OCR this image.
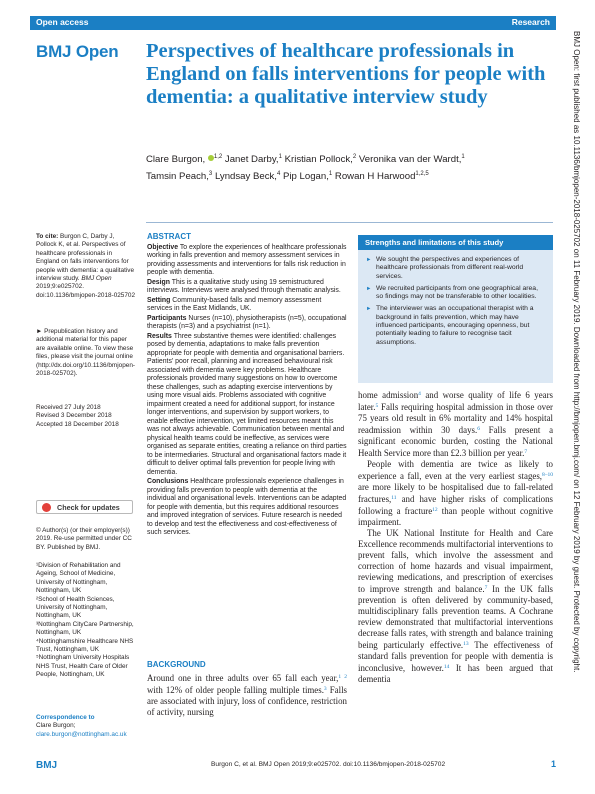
Open access	Research
BMJ Open Perspectives of healthcare professionals in England on falls interventions for people with dementia: a qualitative interview study
Clare Burgon, $^{1,2}$ Janet Darby,$^1$ Kristian Pollock,$^2$ Veronika van der Wardt,$^1$
Tamsin Peach,$^3$ Lyndsay Beck,$^4$ Pip Logan,$^1$ Rowan H Harwood$^{1,2,5}$
To cite: Burgon C, Darby J, Pollock K, et al. Perspectives of healthcare professionals in England on falls interventions for people with dementia: a qualitative interview study. BMJ Open 2019;9:e025702. doi:10.1136/bmjopen-2018-025702
► Prepublication history and additional material for this paper are available online. To view these files, please visit the journal online (http://dx.doi.org/10.1136/bmjopen-2018-025702).
Received 27 July 2018
Revised 3 December 2018
Accepted 18 December 2018
Check for updates
© Author(s) (or their employer(s)) 2019. Re-use permitted under CC BY. Published by BMJ.
¹Division of Rehabilitation and Ageing, School of Medicine, University of Nottingham, Nottingham, UK
²School of Health Sciences, University of Nottingham, Nottingham, UK
³Nottingham CityCare Partnership, Nottingham, UK
⁴Nottinghamshire Healthcare NHS Trust, Nottingham, UK
⁵Nottingham University Hospitals NHS Trust, Health Care of Older People, Nottingham, UK
Correspondence to
Clare Burgon;
clare.burgon@nottingham.ac.uk
ABSTRACT

Objective To explore the experiences of healthcare professionals working in falls prevention and memory assessment services in providing assessments and interventions for falls risk reduction in people with dementia.

Design This is a qualitative study using 19 semistructured interviews. Interviews were analysed through thematic analysis.

Setting Community-based falls and memory assessment services in the East Midlands, UK.

Participants Nurses (n=10), physiotherapists (n=5), occupational therapists (n=3) and a psychiatrist (n=1).

Results Three substantive themes were identified: challenges posed by dementia, adaptations to make falls prevention appropriate for people with dementia and organisational barriers. Patients' poor recall, planning and increased behavioural risk associated with dementia were key problems. Healthcare professionals provided many suggestions on how to overcome these challenges, such as adapting exercise interventions by using more visual aids. Problems associated with cognitive impairment created a need for additional support, for instance longer interventions, and supervision by support workers, to enable effective intervention, yet limited resources meant this was not always achievable. Communication between mental and physical health teams could be ineffective, as services were organised as separate entities, creating a reliance on third parties to be intermediaries. Structural and organisational factors made it difficult to deliver optimal falls prevention for people living with dementia.

Conclusions Healthcare professionals experience challenges in providing falls prevention to people with dementia at the individual and organisational levels. Interventions can be adapted for people with dementia, but this requires additional resources and improved integration of services. Future research is needed to develop and test the effectiveness and cost-effectiveness of such services.

BACKGROUND
Around one in three adults over 65 fall each year,$^{1 2}$ with 12% of older people falling multiple times.$^3$ Falls are associated with injury, loss of confidence, restriction of activity, nursing
Strengths and limitations of this study
► We sought the perspectives and experiences of healthcare professionals from different real-world services.
► We recruited participants from one geographical area, so findings may not be transferable to other localities.
► The interviewer was an occupational therapist with a background in falls prevention, which may have influenced participants, encouraging openness, but potentially leading to failure to recognise tacit assumptions.

home admission$^4$ and worse quality of life 6 years later.$^5$ Falls requiring hospital admission in those over 75 years old result in 6% mortality and 14% hospital readmission within 30 days.$^6$ Falls present a significant economic burden, costing the National Health Service more than £2.3 billion per year.$^7$

People with dementia are twice as likely to experience a fall, even at the very earliest stages,$^{8-10}$ are more likely to be hospitalised due to fall-related fractures,$^{11}$ and have higher risks of complications following a fracture$^{12}$ than people without cognitive impairment.

The UK National Institute for Health and Care Excellence recommends multifactorial interventions to prevent falls, which involve the assessment and correction of home hazards and visual impairment, reviewing medications, and prescription of exercises to improve strength and balance.$^7$ In the UK falls prevention is often delivered by community-based, multidisciplinary falls prevention teams. A Cochrane review demonstrated that multifactorial interventions decrease falls rates, with strength and balance training being particularly effective.$^{13}$ The effectiveness of standard falls prevention for people with dementia is inconclusive, however.$^{14}$ It has been argued that dementia

BMJ Open: first published as 10.1136/bmjopen-2018-025702 on 11 February 2019. Downloaded from http://bmjopen.bmj.com/ on 12 February 2019 by guest. Protected by copyright.
BMJ	Burgon C, et al. BMJ Open 2019;9:e025702. doi:10.1136/bmjopen-2018-025702	1
